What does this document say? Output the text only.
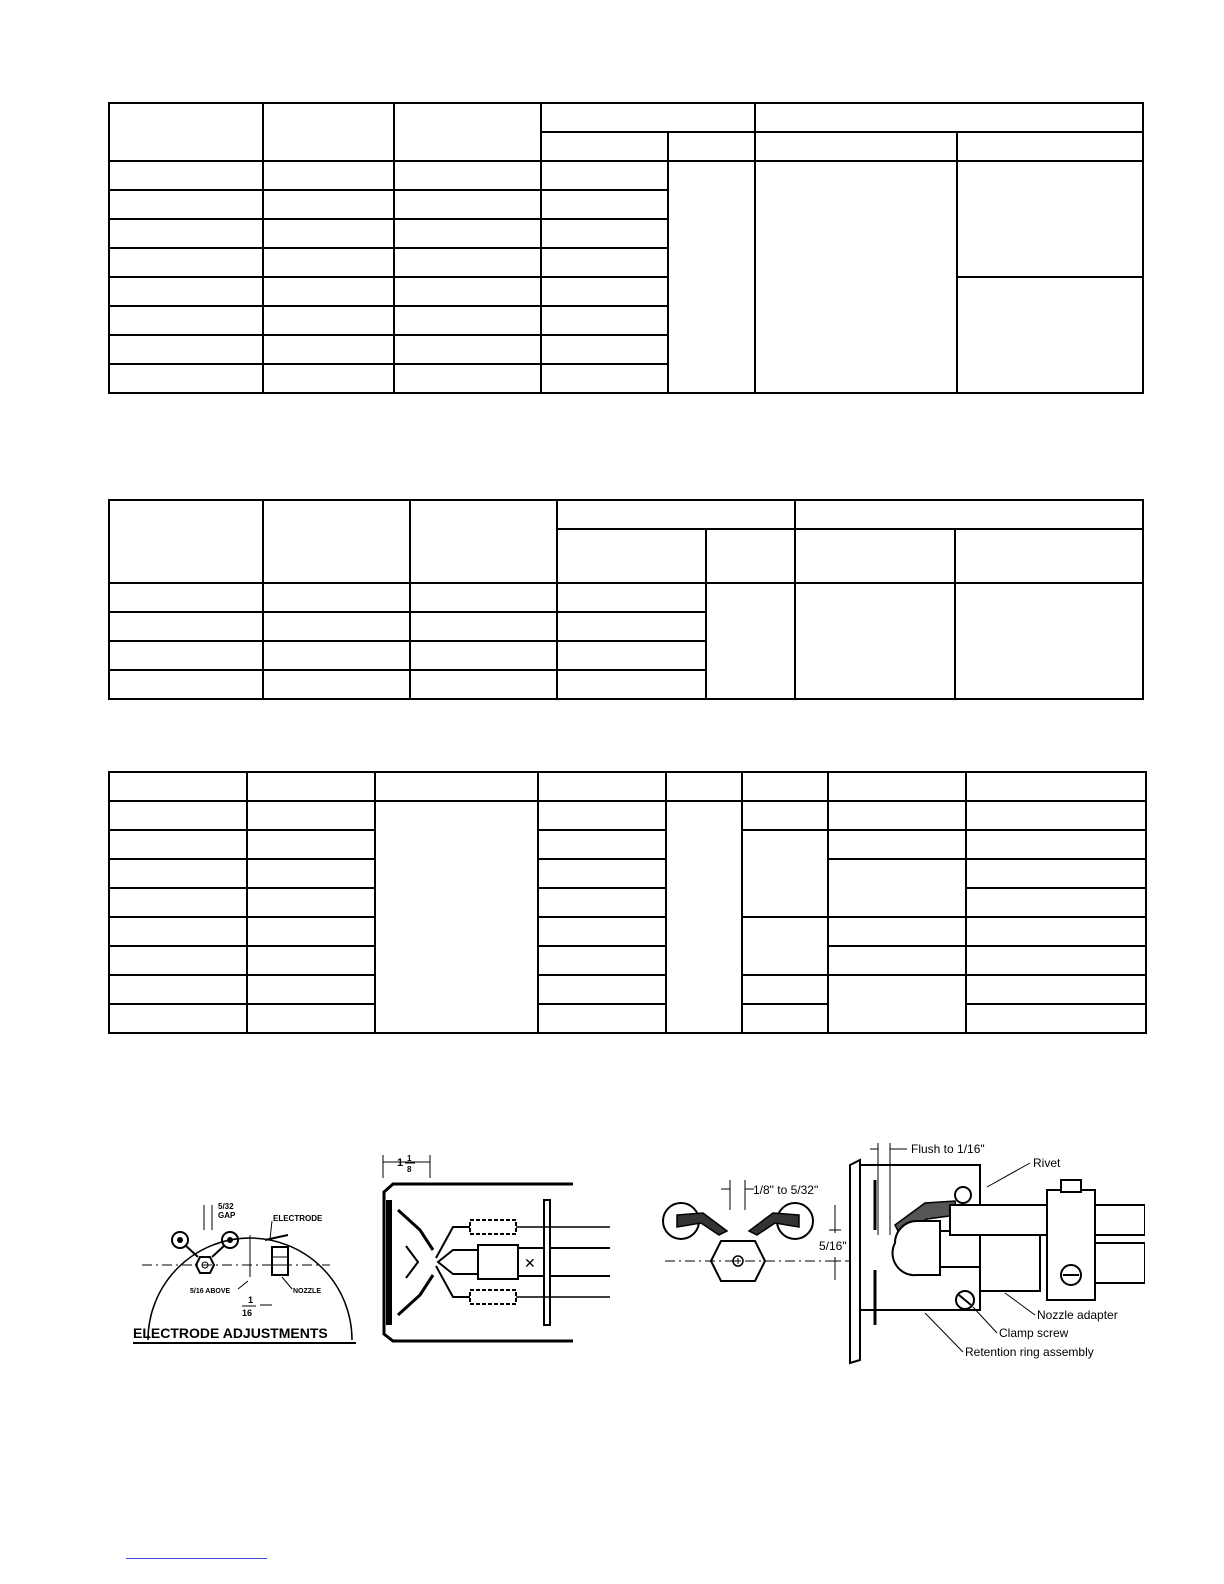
5/32
GAP	ELECTRODE
5/16 ABOVE	NOZZLE
1
16
ELECTRODE ADJUSTMENTS
1 1
8
✕
1/8" to 5/32"
Flush to 1/16"
Rivet
5/16"
Nozzle adapter
Clamp screw
Retention ring assembly
